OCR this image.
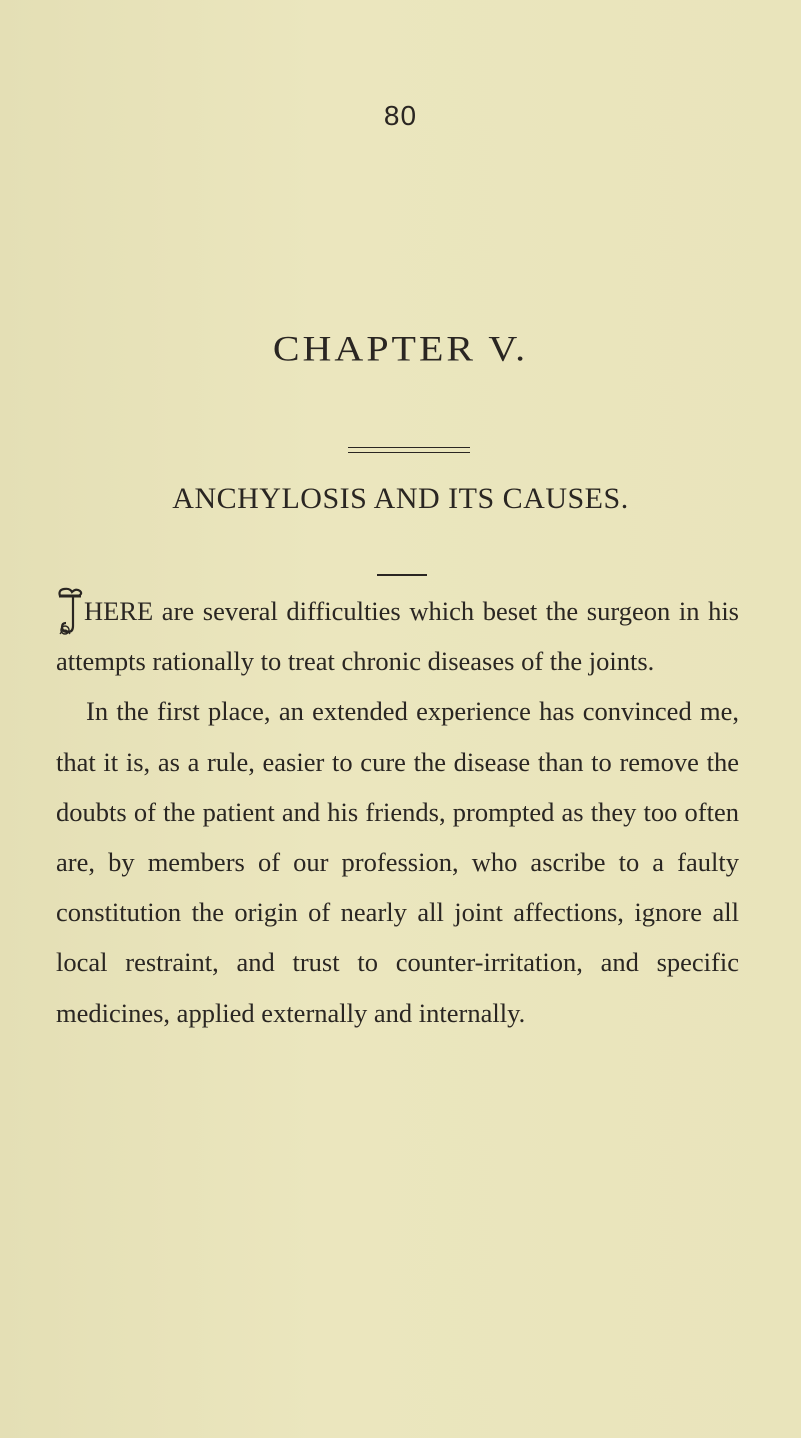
80
CHAPTER V.
ANCHYLOSIS AND ITS CAUSES.

HERE are several difficulties which beset the surgeon in his attempts rationally to treat chronic diseases of the joints.

In the first place, an extended experience has convinced me, that it is, as a rule, easier to cure the disease than to remove the doubts of the patient and his friends, prompted as they too often are, by members of our profession, who ascribe to a faulty constitution the origin of nearly all joint affections, ignore all local restraint, and trust to counter-irritation, and specific medicines, applied externally and internally.
